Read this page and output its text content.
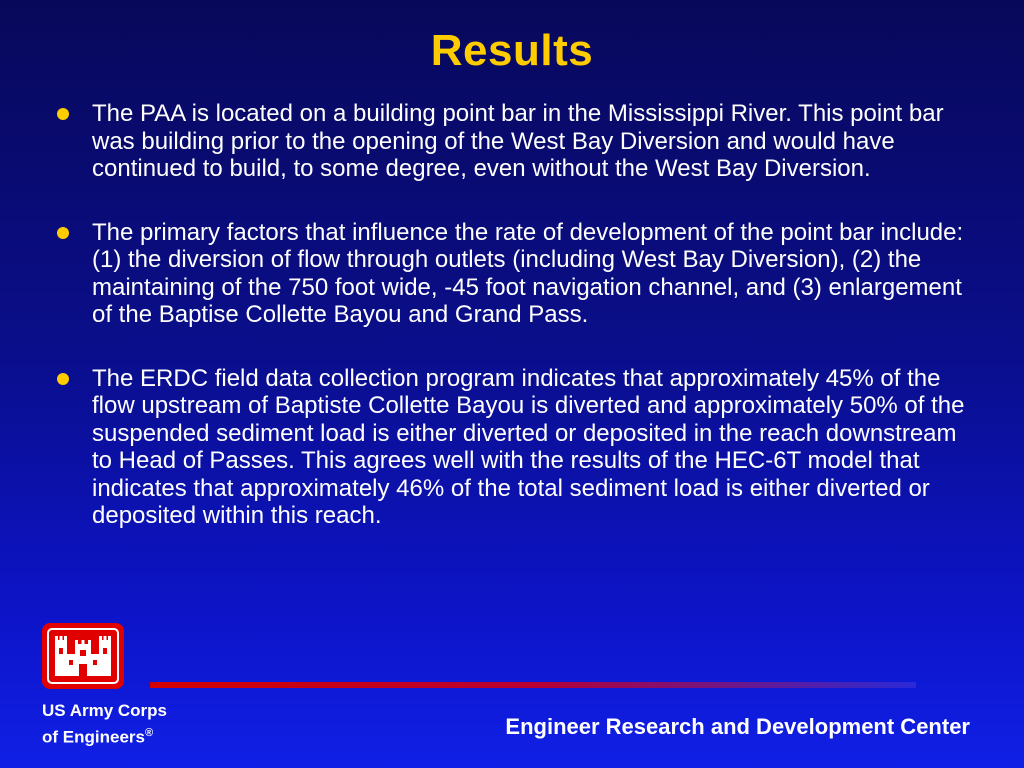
Results
The PAA is located on a building point bar in the Mississippi River. This point bar was building prior to the opening of the West Bay Diversion and would have continued to build, to some degree, even without the West Bay Diversion.
The primary factors that influence the rate of development of the point bar include: (1) the diversion of flow through outlets (including West Bay Diversion), (2) the maintaining of the 750 foot wide, -45 foot navigation channel, and (3) enlargement of the Baptise Collette Bayou and Grand Pass.
The ERDC field data collection program indicates that approximately 45% of the flow upstream of Baptiste Collette Bayou is diverted and approximately 50% of the suspended sediment load is either diverted or deposited in the reach downstream to Head of Passes. This agrees well with the results of the HEC-6T model that indicates that approximately 46% of the total sediment load is either diverted or deposited within this reach.
US Army Corps
of Engineers®	Engineer Research and Development Center
